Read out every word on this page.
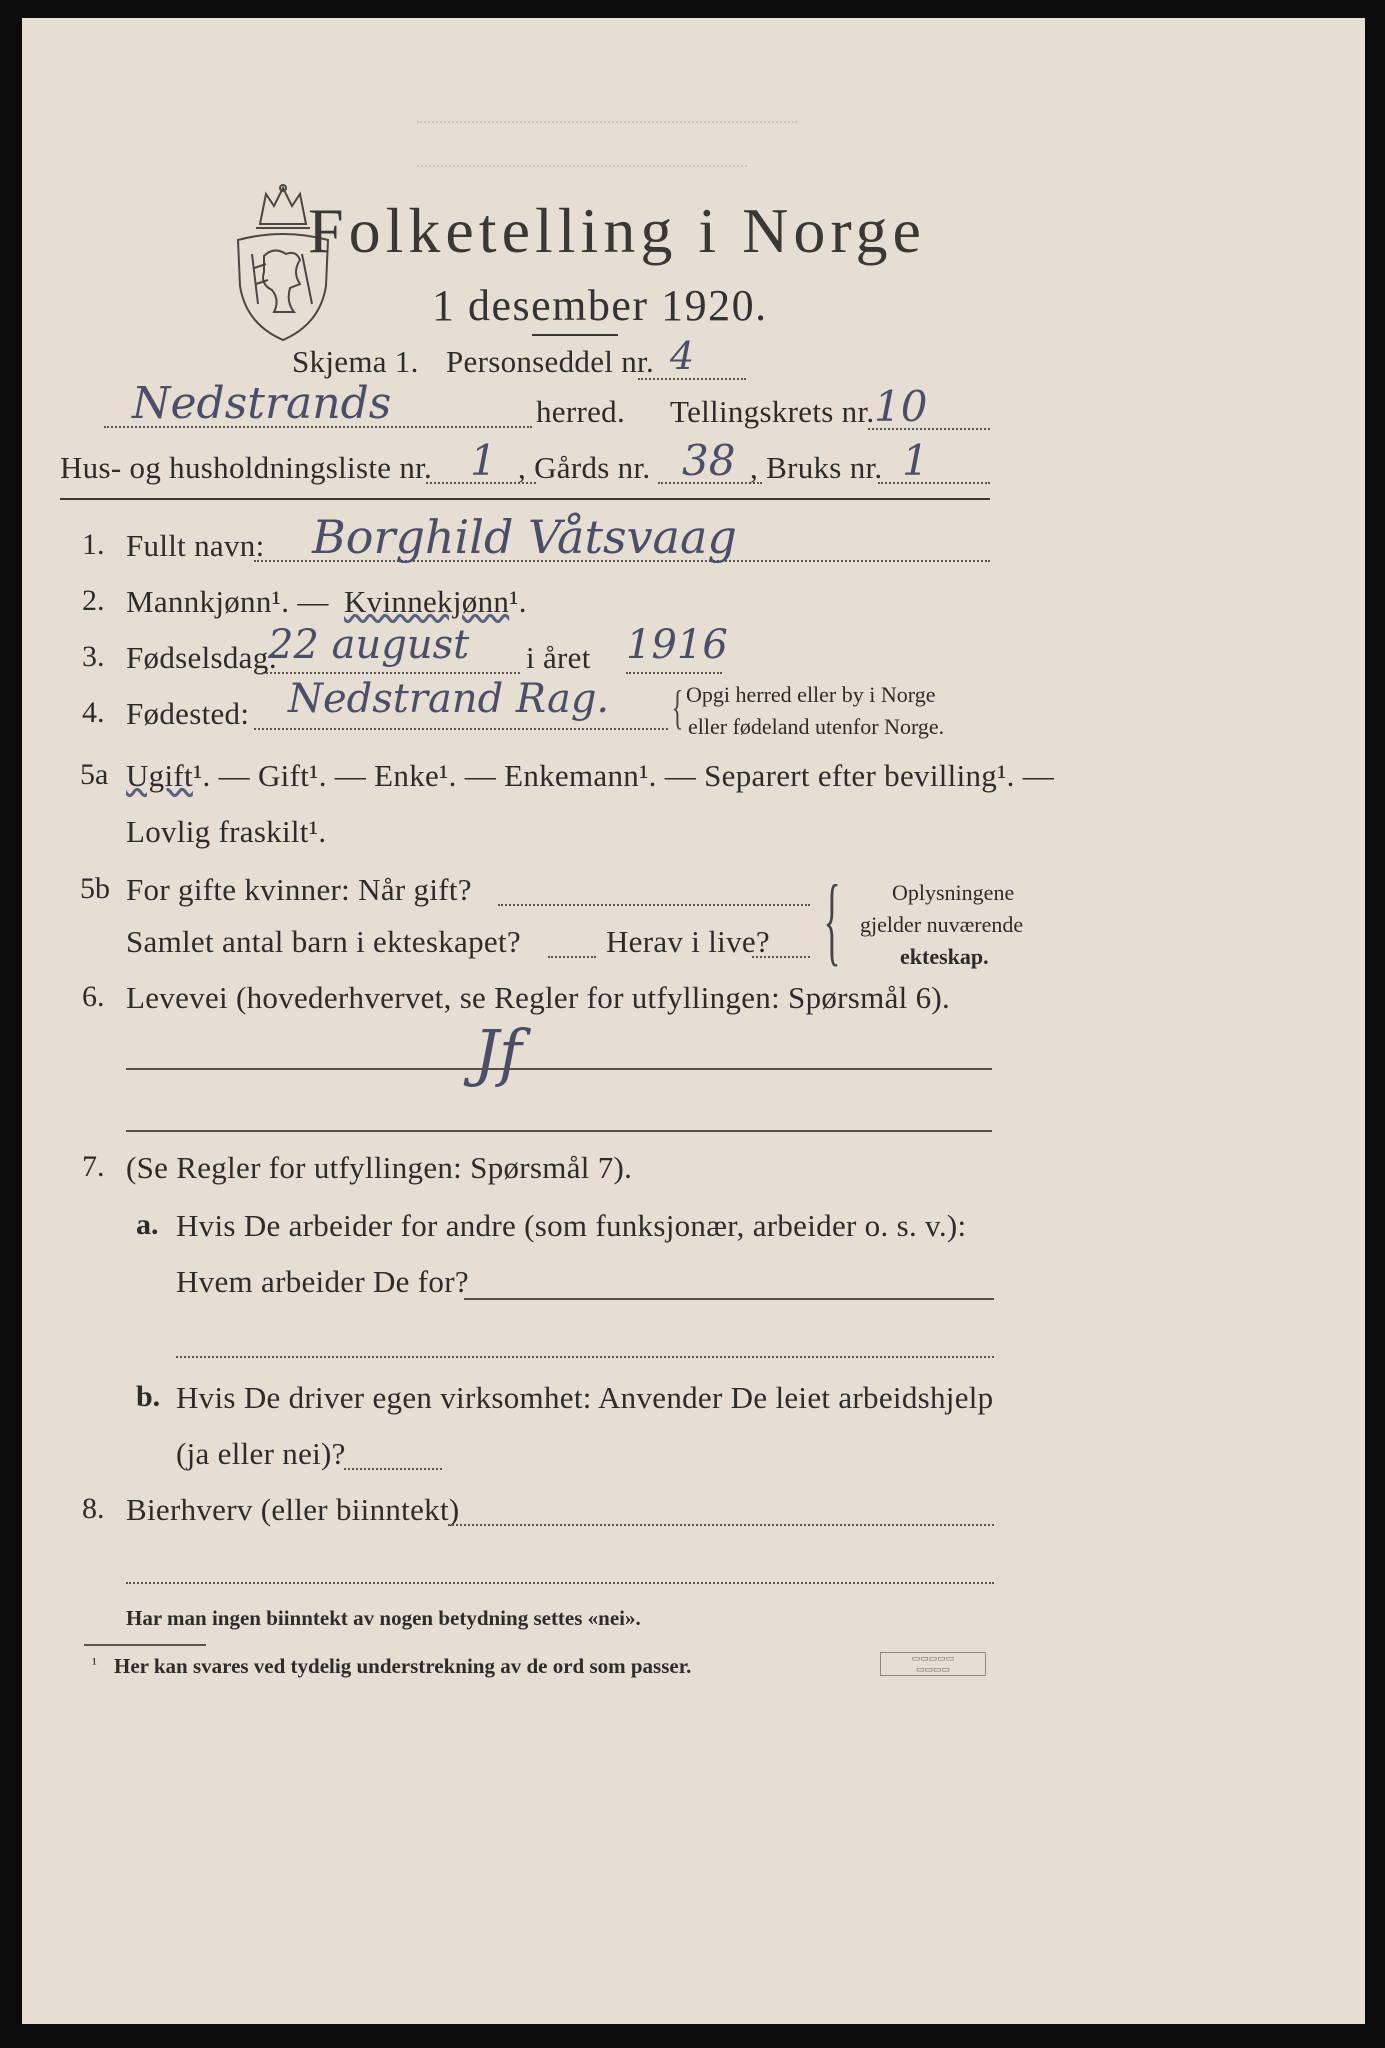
Folketelling i Norge
1 desember 1920.
Skjema 1. Personseddel nr. 4
Nedstrands	herred. Tellingskrets nr. 10
Hus- og husholdningsliste nr. 1 , Gårds nr. 38 , Bruks nr. 1
1. Fullt navn: Borghild Våtsvaag
2. Mannkjønn¹. — Kvinnekjønn¹.
3. Fødselsdag:
22 august i året 1916
4. Fødested: Nedstrand Rag. { Opgi herred eller by i Norge
eller fødeland utenfor Norge.
5a Ugift¹. — Gift¹. — Enke¹. — Enkemann¹. — Separert efter bevilling¹. —
Lovlig fraskilt¹.
5b For gifte kvinner: Når gift?
Samlet antal barn i ekteskapet?	Herav i live? { Oplysningene
gjelder nuværende
ekteskap.
6. Levevei (hovederhvervet, se Regler for utfyllingen: Spørsmål 6).
Jf
7. (Se Regler for utfyllingen: Spørsmål 7).
a. Hvis De arbeider for andre (som funksjonær, arbeider o. s. v.):
Hvem arbeider De for?
b. Hvis De driver egen virksomhet: Anvender De leiet arbeidshjelp
(ja eller nei)?
8. Bierhverv (eller biinntekt)
Har man ingen biinntekt av nogen betydning settes «nei».
¹ Her kan svares ved tydelig understrekning av de ord som passer.	▭▭▭▭▭
▭▭▭▭
